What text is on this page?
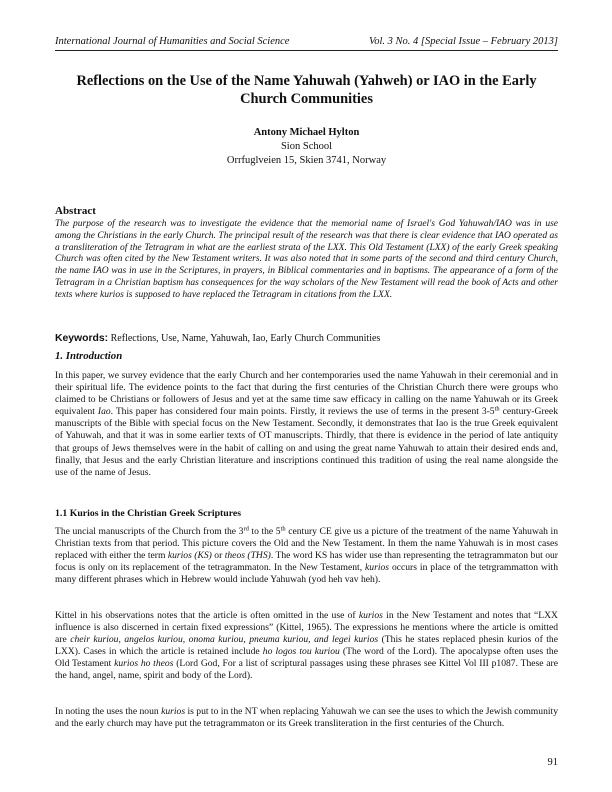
International Journal of Humanities and Social Science	Vol. 3 No. 4 [Special Issue – February 2013]
Reflections on the Use of the Name Yahuwah (Yahweh) or IAO in the Early Church Communities
Antony Michael Hylton
Sion School
Orrfuglveien 15, Skien 3741, Norway
Abstract
The purpose of the research was to investigate the evidence that the memorial name of Israel's God Yahuwah/IAO was in use among the Christians in the early Church. The principal result of the research was that there is clear evidence that IAO operated as a transliteration of the Tetragram in what are the earliest strata of the LXX. This Old Testament (LXX) of the early Greek speaking Church was often cited by the New Testament writers. It was also noted that in some parts of the second and third century Church, the name IAO was in use in the Scriptures, in prayers, in Biblical commentaries and in baptisms. The appearance of a form of the Tetragram in a Christian baptism has consequences for the way scholars of the New Testament will read the book of Acts and other texts where kurios is supposed to have replaced the Tetragram in citations from the LXX.
Keywords: Reflections, Use, Name, Yahuwah, Iao, Early Church Communities
1. Introduction
In this paper, we survey evidence that the early Church and her contemporaries used the name Yahuwah in their ceremonial and in their spiritual life. The evidence points to the fact that during the first centuries of the Christian Church there were groups who claimed to be Christians or followers of Jesus and yet at the same time saw efficacy in calling on the name Yahuwah or its Greek equivalent Iao. This paper has considered four main points. Firstly, it reviews the use of terms in the present 3-5th century-Greek manuscripts of the Bible with special focus on the New Testament. Secondly, it demonstrates that Iao is the true Greek equivalent of Yahuwah, and that it was in some earlier texts of OT manuscripts. Thirdly, that there is evidence in the period of late antiquity that groups of Jews themselves were in the habit of calling on and using the great name Yahuwah to attain their desired ends and, finally, that Jesus and the early Christian literature and inscriptions continued this tradition of using the real name alongside the use of the name of Jesus.
1.1 Kurios in the Christian Greek Scriptures
The uncial manuscripts of the Church from the 3rd to the 5th century CE give us a picture of the treatment of the name Yahuwah in Christian texts from that period. This picture covers the Old and the New Testament. In them the name Yahuwah is in most cases replaced with either the term kurios (KS) or theos (THS). The word KS has wider use than representing the tetragrammaton but our focus is only on its replacement of the tetragrammaton. In the New Testament, kurios occurs in place of the tetrgrammatton with many different phrases which in Hebrew would include Yahuwah (yod heh vav heh).
Kittel in his observations notes that the article is often omitted in the use of kurios in the New Testament and notes that “LXX influence is also discerned in certain fixed expressions” (Kittel, 1965). The expressions he mentions where the article is omitted are cheir kuriou, angelos kuriou, onoma kuriou, pneuma kuriou, and legei kurios (This he states replaced phesin kurios of the LXX). Cases in which the article is retained include ho logos tou kuriou (The word of the Lord). The apocalypse often uses the Old Testament kurios ho theos (Lord God, For a list of scriptural passages using these phrases see Kittel Vol III p1087. These are the hand, angel, name, spirit and body of the Lord).
In noting the uses the noun kurios is put to in the NT when replacing Yahuwah we can see the uses to which the Jewish community and the early church may have put the tetragrammaton or its Greek transliteration in the first centuries of the Church.
91
